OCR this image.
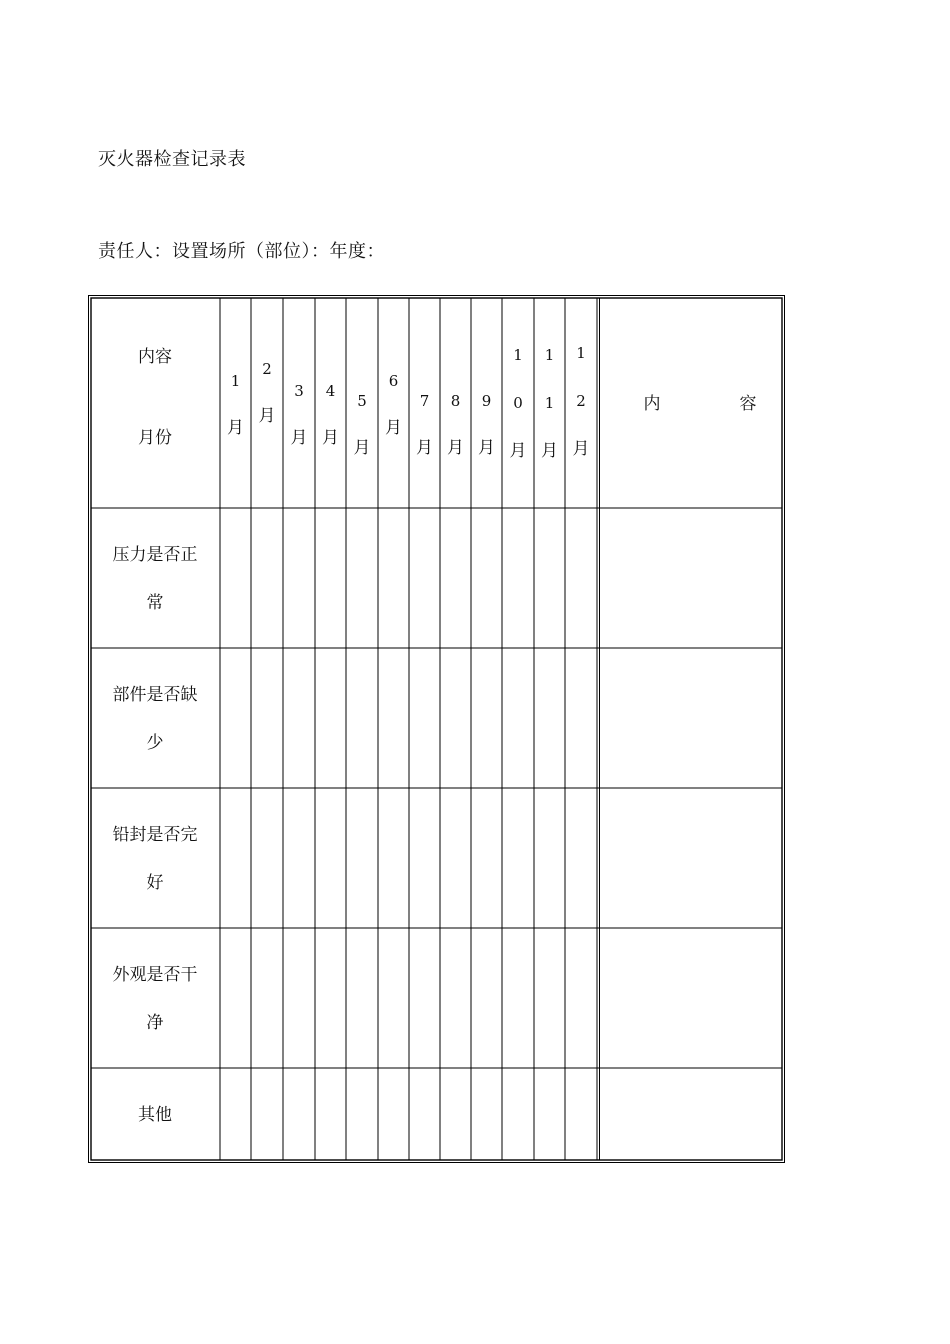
灭火器检查记录表
责任人：设置场所（部位）：年度：
内容
月份
1
月
2
月
3
月
4
月
5
月
6
月
7
月
8
月
9
月
1
0
月
1
1
月
1
2
月
内	容
压力是否正
常
部件是否缺
少
铅封是否完
好
外观是否干
净
其他
